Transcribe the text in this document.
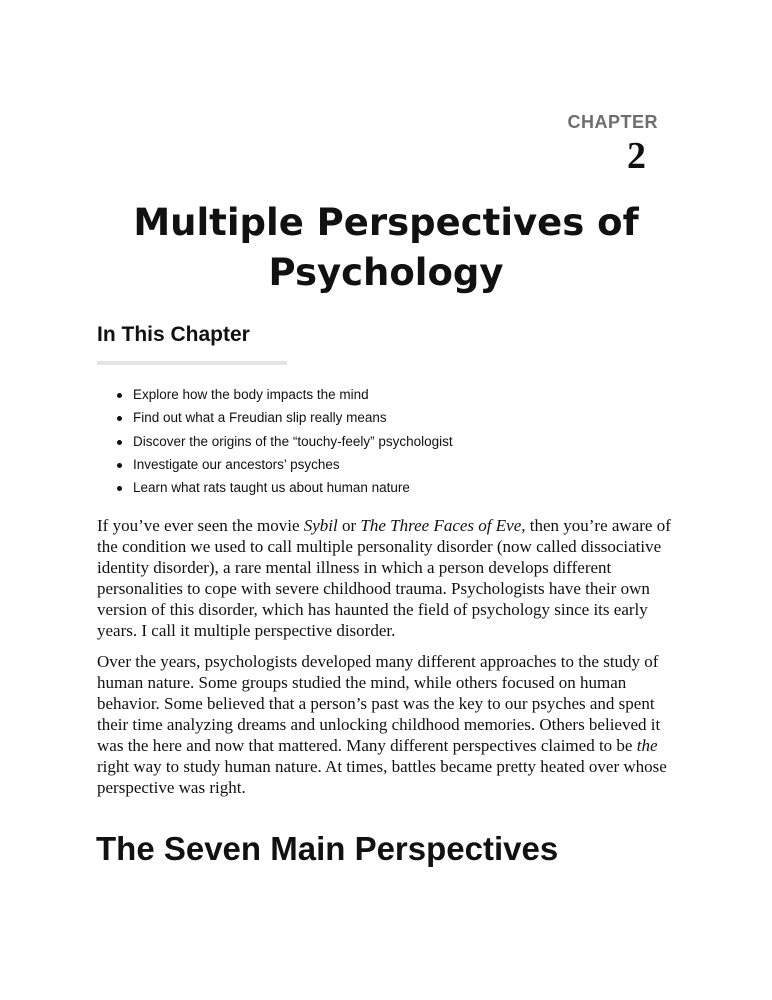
CHAPTER
2
Multiple Perspectives of
Psychology
In This Chapter
Explore how the body impacts the mind
Find out what a Freudian slip really means
Discover the origins of the “touchy-feely” psychologist
Investigate our ancestors’ psyches
Learn what rats taught us about human nature

If you’ve ever seen the movie Sybil or The Three Faces of Eve, then you’re aware of the condition we used to call multiple personality disorder (now called dissociative identity disorder), a rare mental illness in which a person develops different personalities to cope with severe childhood trauma. Psychologists have their own version of this disorder, which has haunted the field of psychology since its early years. I call it multiple perspective disorder.

Over the years, psychologists developed many different approaches to the study of human nature. Some groups studied the mind, while others focused on human behavior. Some believed that a person’s past was the key to our psyches and spent their time analyzing dreams and unlocking childhood memories. Others believed it was the here and now that mattered. Many different perspectives claimed to be the right way to study human nature. At times, battles became pretty heated over whose perspective was right.

The Seven Main Perspectives
